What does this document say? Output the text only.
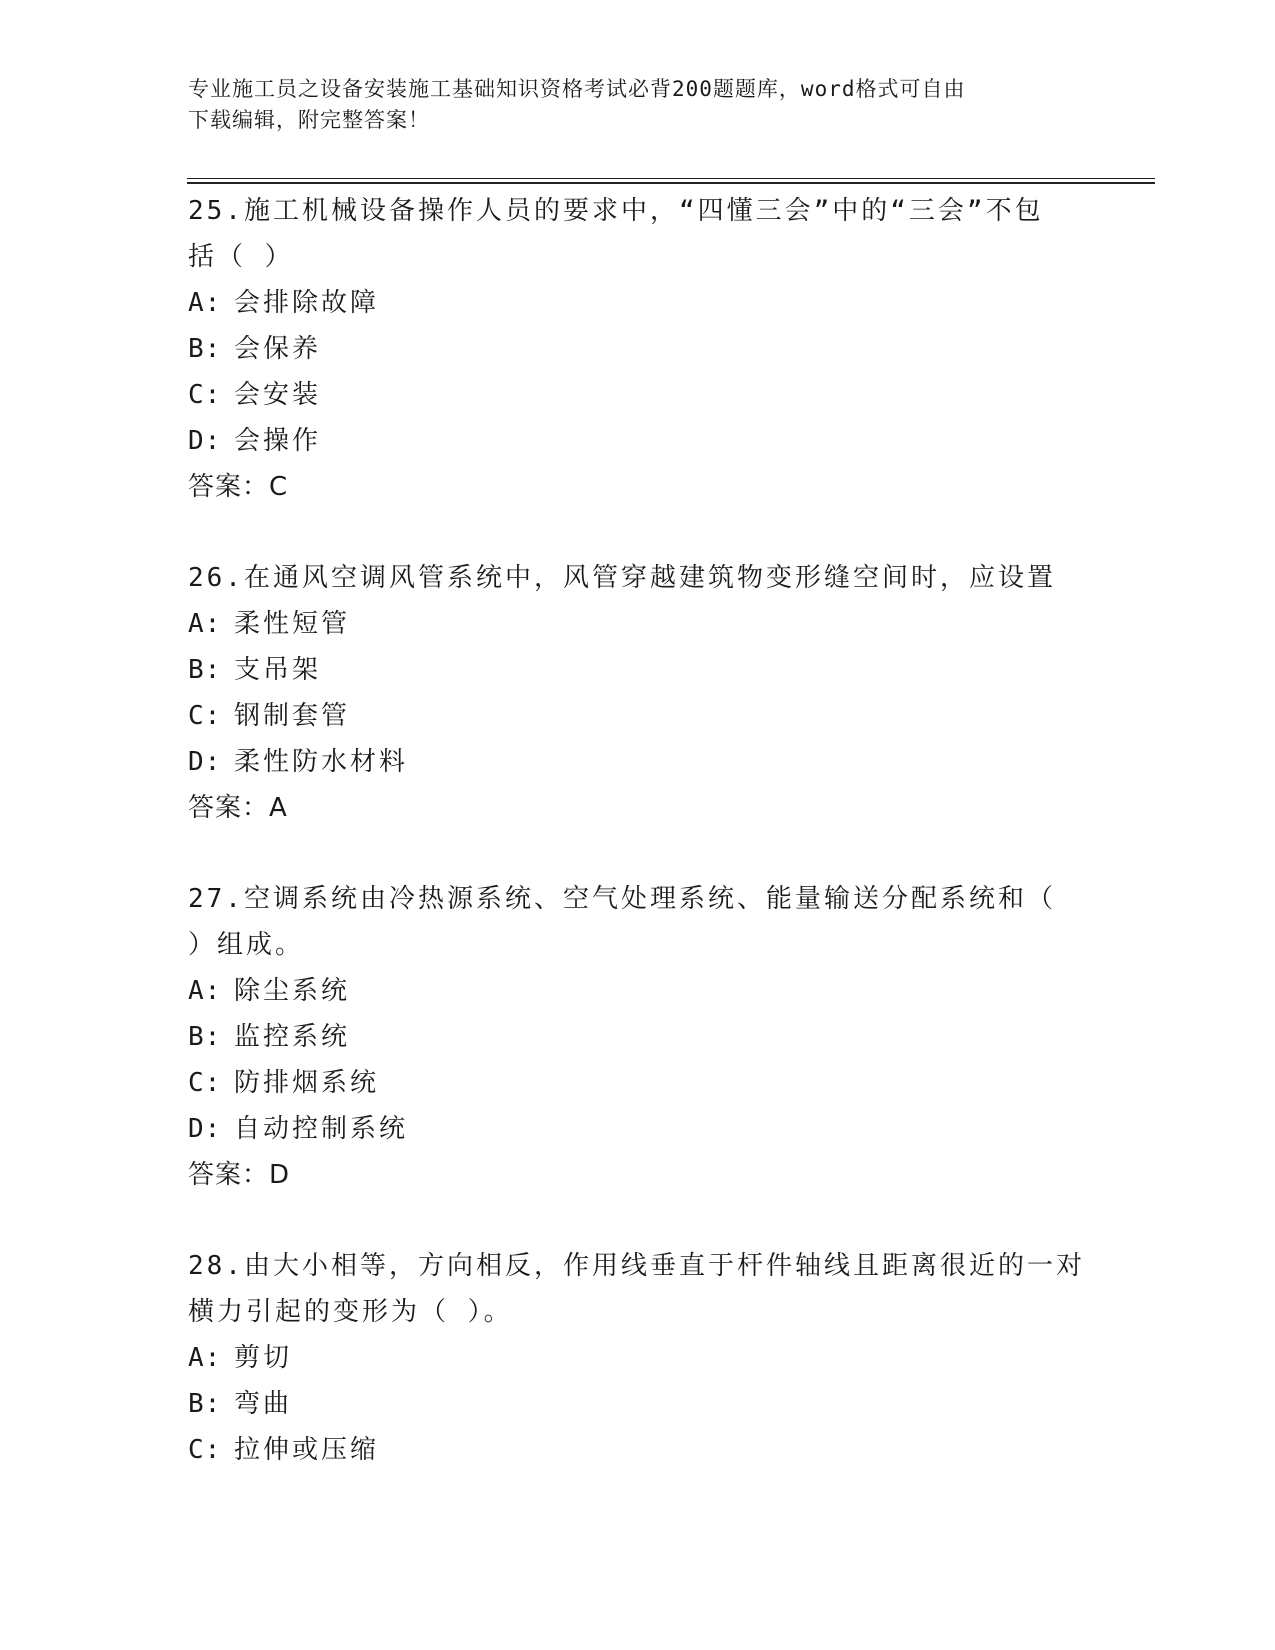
专业施工员之设备安装施工基础知识资格考试必背200题题库，word格式可自由
下载编辑，附完整答案！
25.施工机械设备操作人员的要求中，“四懂三会”中的“三会”不包
括（ ）
A: 会排除故障
B: 会保养
C: 会安装
D: 会操作
答案：C
26.在通风空调风管系统中，风管穿越建筑物变形缝空间时，应设置
A: 柔性短管
B: 支吊架
C: 钢制套管
D: 柔性防水材料
答案：A
27.空调系统由冷热源系统、空气处理系统、能量输送分配系统和（
）组成。
A: 除尘系统
B: 监控系统
C: 防排烟系统
D: 自动控制系统
答案：D
28.由大小相等，方向相反，作用线垂直于杆件轴线且距离很近的一对
横力引起的变形为（ ）。
A: 剪切
B: 弯曲
C: 拉伸或压缩
